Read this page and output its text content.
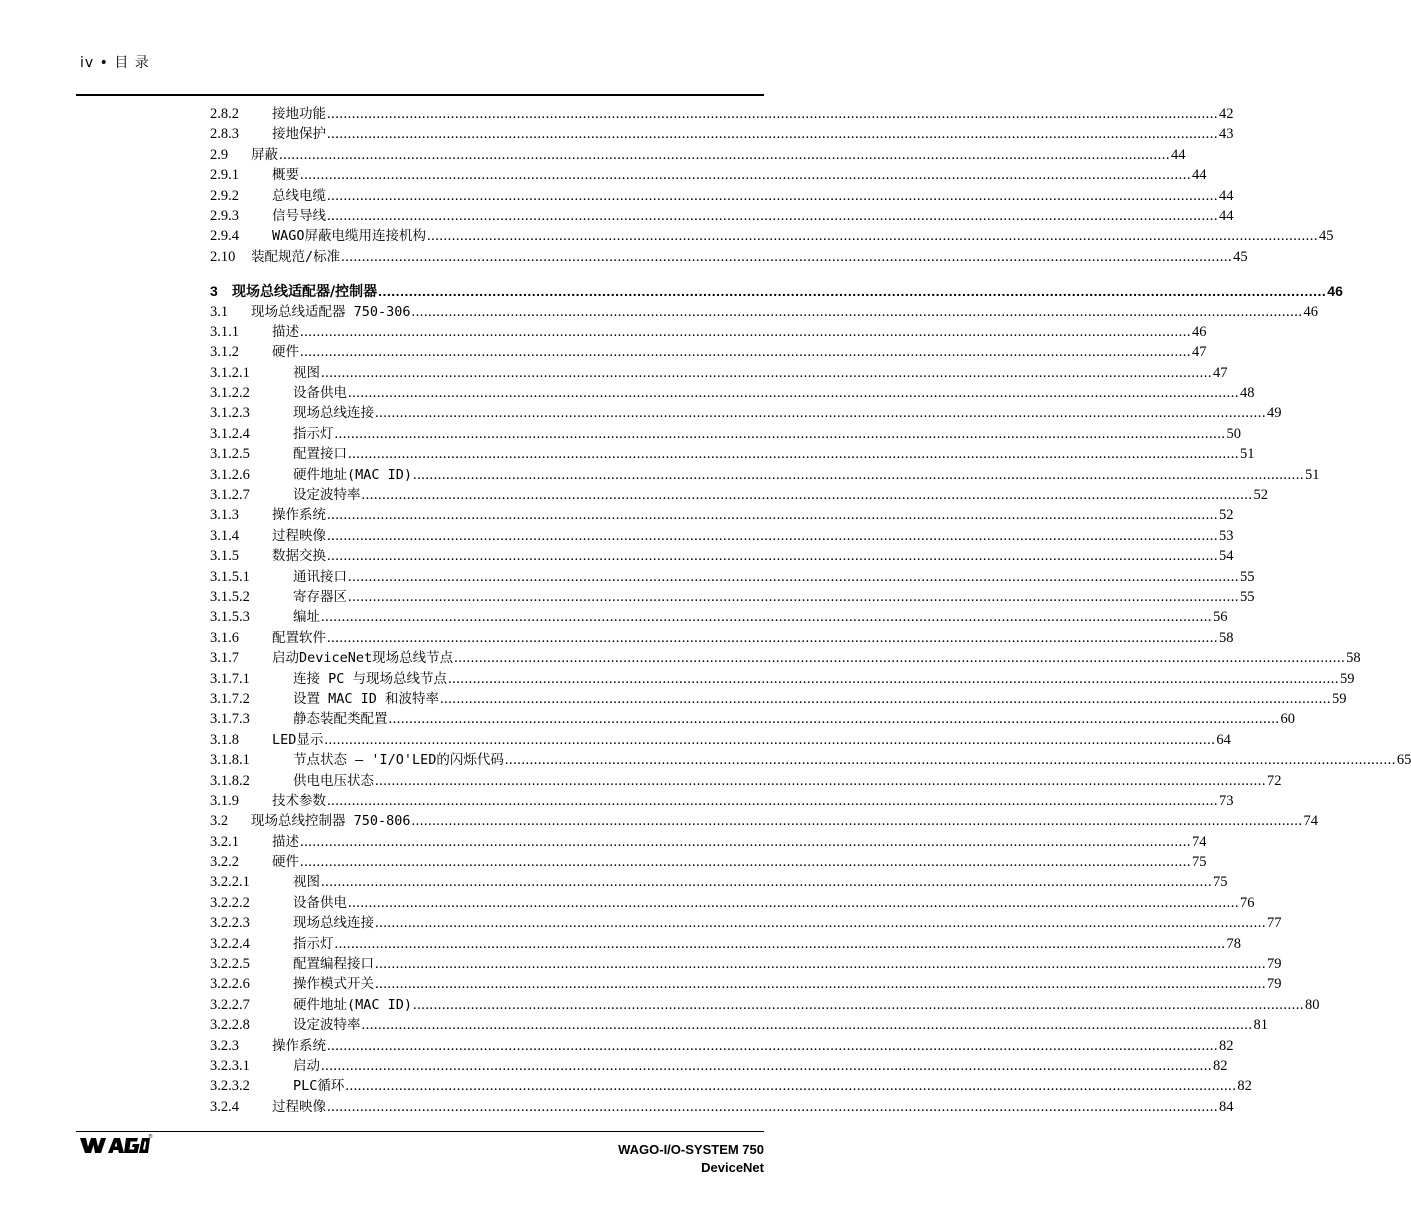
iv • 目 录
2.8.2	接地功能 .....	42
2.8.3	接地保护 .....	43
2.9	屏蔽 .....	44
2.9.1	概要 .....	44
2.9.2	总线电缆 .....	44
2.9.3	信号导线 .....	44
2.9.4	WAGO屏蔽电缆用连接机构 .....	45
2.10	装配规范/标准 .....	45
3	现场总线适配器/控制器 .....	46
3.1	现场总线适配器 750-306 .....	46
3.1.1	描述 .....	46
3.1.2	硬件 .....	47
3.1.2.1	视图 .....	47
3.1.2.2	设备供电 .....	48
3.1.2.3	现场总线连接 .....	49
3.1.2.4	指示灯 .....	50
3.1.2.5	配置接口 .....	51
3.1.2.6	硬件地址(MAC ID) .....	51
3.1.2.7	设定波特率 .....	52
3.1.3	操作系统 .....	52
3.1.4	过程映像 .....	53
3.1.5	数据交换 .....	54
3.1.5.1	通讯接口 .....	55
3.1.5.2	寄存器区 .....	55
3.1.5.3	编址 .....	56
3.1.6	配置软件 .....	58
3.1.7	启动DeviceNet现场总线节点 .....	58
3.1.7.1	连接 PC 与现场总线节点 .....	59
3.1.7.2	设置 MAC ID 和波特率 .....	59
3.1.7.3	静态装配类配置 .....	60
3.1.8	LED显示 .....	64
3.1.8.1	节点状态 – 'I/O'LED的闪烁代码 .....	65
3.1.8.2	供电电压状态 .....	72
3.1.9	技术参数 .....	73
3.2	现场总线控制器 750-806 .....	74
3.2.1	描述 .....	74
3.2.2	硬件 .....	75
3.2.2.1	视图 .....	75
3.2.2.2	设备供电 .....	76
3.2.2.3	现场总线连接 .....	77
3.2.2.4	指示灯 .....	78
3.2.2.5	配置编程接口 .....	79
3.2.2.6	操作模式开关 .....	79
3.2.2.7	硬件地址(MAC ID) .....	80
3.2.2.8	设定波特率 .....	81
3.2.3	操作系统 .....	82
3.2.3.1	启动 .....	82
3.2.3.2	PLC循环 .....	82
3.2.4	过程映像 .....	84
®
WAGO-I/O-SYSTEM 750
DeviceNet
